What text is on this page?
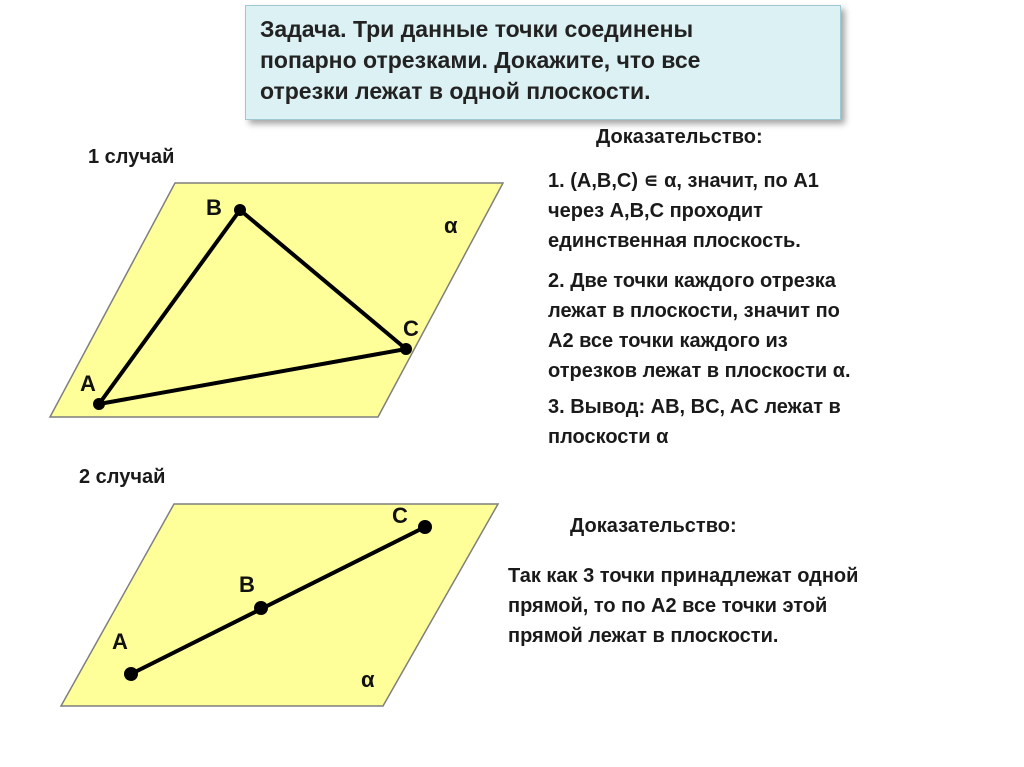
Задача. Три данные точки соединены
попарно отрезками. Докажите, что все
отрезки лежат в одной плоскости.
1 случай
B
C
A
α
Доказательство:
1. (A,B,C) ∊ α, значит, по А1
через А,В,С проходит
единственная плоскость.
2. Две точки каждого отрезка
лежат в плоскости, значит по
А2 все точки каждого из
отрезков лежат в плоскости α.
3. Вывод: AB, BC, AC лежат в
плоскости α
2 случай
C
B
A
α
Доказательство:
Так как 3 точки принадлежат одной
прямой, то по А2 все точки этой
прямой лежат в плоскости.
